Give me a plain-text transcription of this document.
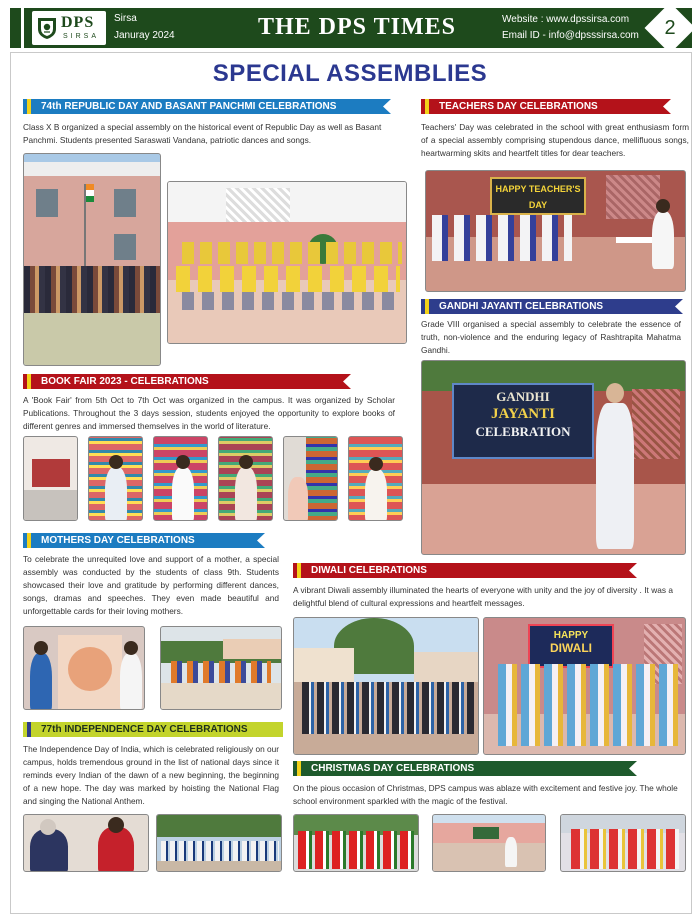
DPS
SIRSA
Sirsa
Januray 2024	THE DPS TIMES	Website : www.dpssirsa.com
Email ID - info@dpsssirsa.com	2
SPECIAL ASSEMBLIES
74th REPUBLIC DAY AND BASANT PANCHMI CELEBRATIONS
Class X B organized a special assembly on the historical event of Republic Day as well as Basant Panchmi. Students presented Saraswati Vandana, patriotic dances and songs.
BOOK FAIR 2023 - CELEBRATIONS
A 'Book Fair' from 5th Oct to 7th Oct was organized in the campus. It was organized by Scholar Publications. Throughout the 3 days session, students enjoyed the opportunity to explore books of different genres and immersed themselves in the world of literature.
MOTHERS DAY CELEBRATIONS
To celebrate the unrequited love and support of a mother, a special assembly was conducted by the students of class 9th. Students showcased their love and gratitude by performing different dances, songs, dramas and speeches. They even made beautiful and unforgettable cards for their loving mothers.
77th INDEPENDENCE DAY CELEBRATIONS
The Independence Day of India, which is celebrated religiously on our campus, holds tremendous ground in the list of national days since it reminds every Indian of the dawn of a new beginning, the beginning of a new hope. The day was marked by hoisting the National Flag and singing the National Anthem.
TEACHERS DAY CELEBRATIONS
Teachers' Day was celebrated in the school with great enthusiasm form of a special assembly comprising stupendous dance, mellifluous songs, heartwarming skits and heartfelt titles for dear teachers.
HAPPY TEACHER'S DAY
GANDHI JAYANTI CELEBRATIONS
Grade VIII organised a special assembly to celebrate the essence of truth, non-violence and the enduring legacy of Rashtrapita Mahatma Gandhi.
GANDHI
JAYANTI
CELEBRATION
DIWALI CELEBRATIONS
A vibrant Diwali assembly illuminated the hearts of everyone with unity and the joy of diversity . It was a delightful blend of cultural expressions and heartfelt messages.
HAPPY
DIWALI
CHRISTMAS DAY CELEBRATIONS
On the pious occasion of Christmas, DPS campus was ablaze with excitement and festive joy. The whole school environment sparkled with the magic of the festival.
